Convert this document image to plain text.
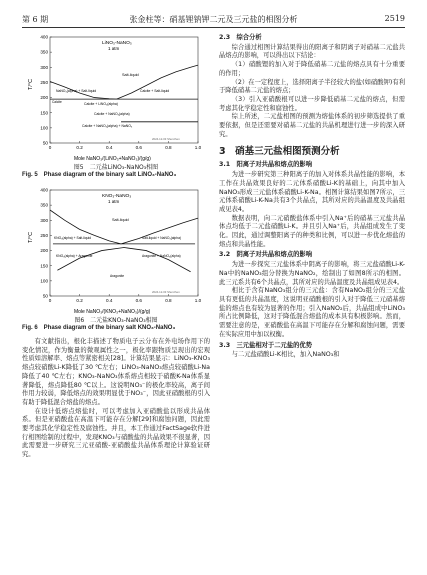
第 6 期	张金柱等：硝基锂钠钾二元及三元盐的相图分析	2519
T/°C
LiNO₃-NaNO₃
1 atm
400
350
300
250
200
150
100
50
0	0.2	0.4	0.6	0.8	1.0
Salt-liquid
NaNO₃(alpha) + Salt-liquid	Calcite + Salt-liquid
Calcite + LiNO₃(alpha)
Calcite + NaNO₃(alpha)
Calcite + NaNO₃(alpha) + NaNO₃
Calcite
2024-12-03 Shenzhen
Mole NaNO₃/(LiNO₃+NaNO₃)/(g/g)
图5　二元盐LiNO₃-NaNO₃相图
Fig. 5　Phase diagram of the binary salt LiNO₃-NaNO₃
T/°C
KNO₃-NaNO₃
1 atm
400
350
300
250
200
150
100
50
0	0.2	0.4	0.6	0.8	1.0
Salt-liquid
KNO₃(alpha) + Salt-liquid	Salt-liquid + NaNO₃(alpha)
KNO₃(alpha) + Aragonite	Aragonite + NaNO₃(alpha)
Aragonite
2024-12-03 Shenzhen
Mole NaNO₃/(KNO₃+NaNO₃)/(g/g)
图6　二元盐KNO₃-NaNO₃相图
Fig. 6　Phase diagram of the binary salt KNO₃-NaNO₃

有文献指出，根化丰描述了物质电子云分布在外电场作用下的变化情况，作为衡量的微观属性之一，极化率跟物质呈现出的宏观性质如溶解率、熔点等紧密相关[28]。计算结果显示：LiNO₃-KNO₃熔点较硝酸Li-K降低了30 ℃左右；LiNO₃-NaNO₃熔点较硝酸Li-Na降低了40 ℃左右；KNO₃-NaNO₃体系熔点相较于硝酸K-Na体系显著降低，熔点降低80 ℃以上。这说明NO₃⁻的极化率较高，离子间作用力较弱，降低熔点的效果明显优于NO₃⁻，因此亚硝酸根的引入有助于降低混合熔盐的熔点。

在设计低熔点熔盐时，可以考虑加入亚硝酸盐以形成共晶体系。但是亚硝酸盐在高温下可能存在分解[29]和腐蚀问题，因此需要考虑其化学稳定性及腐蚀性。并且，本工作通过FactSage软件进行相图绘制的过程中，发现KNO₃与硝酸盐的共晶效果不很显著，因此需要进一步研究三元亚硝酸-亚硝酸盐共晶体系理论计算验证研究。

2.3　综合分析

综合通过相图计算结果得出的阳离子和阴离子对硝基二元盐共晶熔点的影响，可以得出以下结论：

（1）硝酸锂的加入对于降低硝基二元盐的熔点具有十分重要的作用；

（2）在一定程度上，选择阳离子半径较大的盐(如硝酸钾)有利于降低硝基二元盐的熔点；

（3）引入亚硝酸根可以进一步降低硝基二元盐的熔点，但需考虑其化学稳定性和腐蚀性。

综上所述，二元盐相图的预测为熔盐体系的初步筛选提供了重要依据，但是还需要对硝基二元盐的共晶机理进行进一步的深入研究。

3　硝基三元盐相图预测分析
3.1　阳离子对共晶和熔点的影响

为进一步研究第三种阳离子的加入对体系共晶性能的影响，本工作在共晶效果良好的二元体系硝酸Li-K的基础上，向其中加入NaNO₃形成三元盐体系硝酸Li-K-Na。相图计算结果如图7所示，三元体系硝酸Li-K-Na共有3个共晶点，其所对应的共晶温度及共晶组成见表4。

数据表明，向二元硝酸盐体系中引入Na⁺后的硝基三元盐共晶体点均低于二元盐硝酸Li-K。并且引入Na⁺后，共晶组成发生了变化。因此，通过调整阳离子的种类和比例，可以进一步优化熔盐的熔点和共晶性能。

3.2　阴离子对共晶和熔点的影响

为进一步探究三元盐体系中阴离子的影响，将三元盐硝酸Li-K-Na中的NaNO₃组分替换为NaNO₂，绘制出了如图8所示的相图。此三元系共有6个共晶点，其所对应的共晶温度及共晶组成见表4。

相比于含有NaNO₃组分的三元盐：含有NaNO₂组分的三元盐具有更低的共晶温度，这说明亚硝酸根的引入对于降低三元硝基熔盐的熔点也有较为显著的作用；引入NaNO₂后，共晶组成中LiNO₃所占比例降低，这对于降低混合熔盐的成本具有积极影响。然而，需要注意的是，亚硝酸盐在高温下可能存在分解和腐蚀问题，需要在实际应用中加以权衡。

3.3　三元盐相对于二元盐的优势

与二元盐硝酸Li-K相比，加入NaNO₃和
